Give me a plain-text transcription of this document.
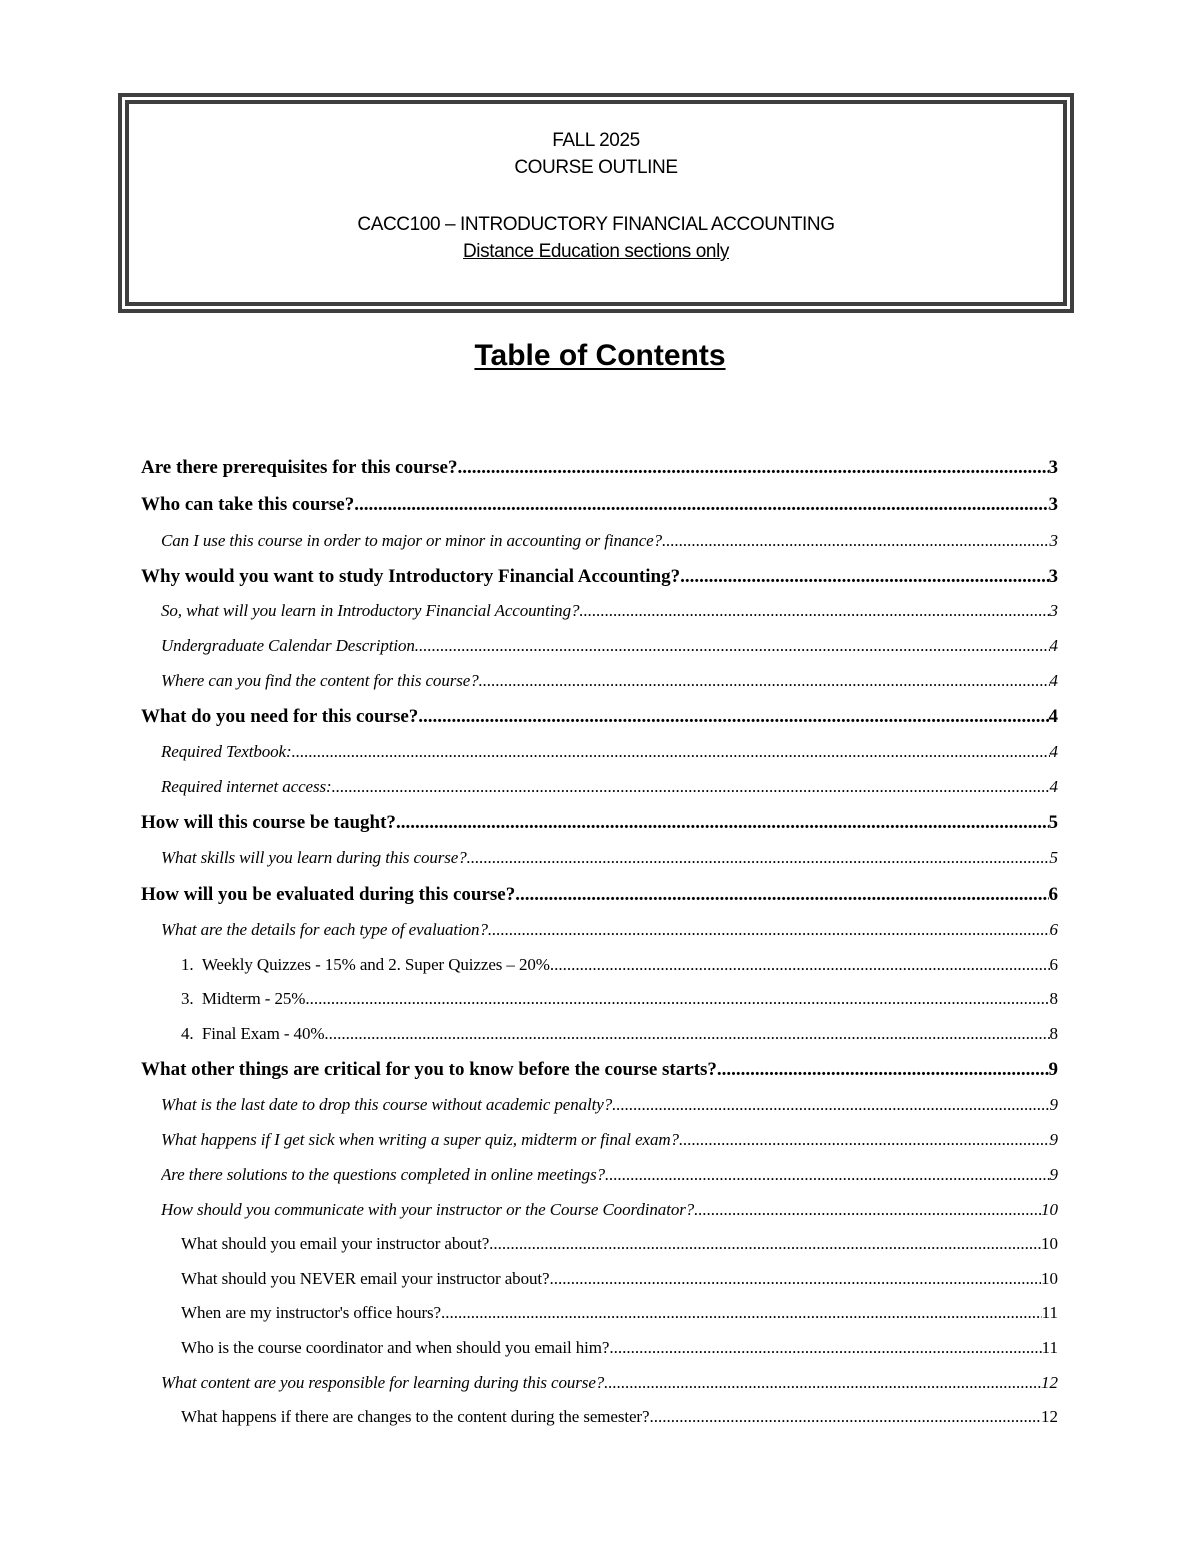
FALL 2025
COURSE OUTLINE
CACC100 – INTRODUCTORY FINANCIAL ACCOUNTING
Distance Education sections only
Table of Contents
Are there prerequisites for this course? .....	3
Who can take this course? .....	3
Can I use this course in order to major or minor in accounting or finance? .....	3
Why would you want to study Introductory Financial Accounting? .....	3
So, what will you learn in Introductory Financial Accounting? .....	3
Undergraduate Calendar Description .....	4
Where can you find the content for this course? .....	4
What do you need for this course? .....	4
Required Textbook: .....	4
Required internet access: .....	4
How will this course be taught? .....	5
What skills will you learn during this course? .....	5
How will you be evaluated during this course? .....	6
What are the details for each type of evaluation? .....	6
1.  Weekly Quizzes - 15% and 2. Super Quizzes – 20% .....	6
3.  Midterm - 25% .....	8
4.  Final Exam - 40% .....	8
What other things are critical for you to know before the course starts? .....	9
What is the last date to drop this course without academic penalty? .....	9
What happens if I get sick when writing a super quiz, midterm or final exam? .....	9
Are there solutions to the questions completed in online meetings? .....	9
How should you communicate with your instructor or the Course Coordinator? .....	10
What should you email your instructor about? .....	10
What should you NEVER email your instructor about? .....	10
When are my instructor's office hours? .....	11
Who is the course coordinator and when should you email him? .....	11
What content are you responsible for learning during this course? .....	12
What happens if there are changes to the content during the semester? .....	12
